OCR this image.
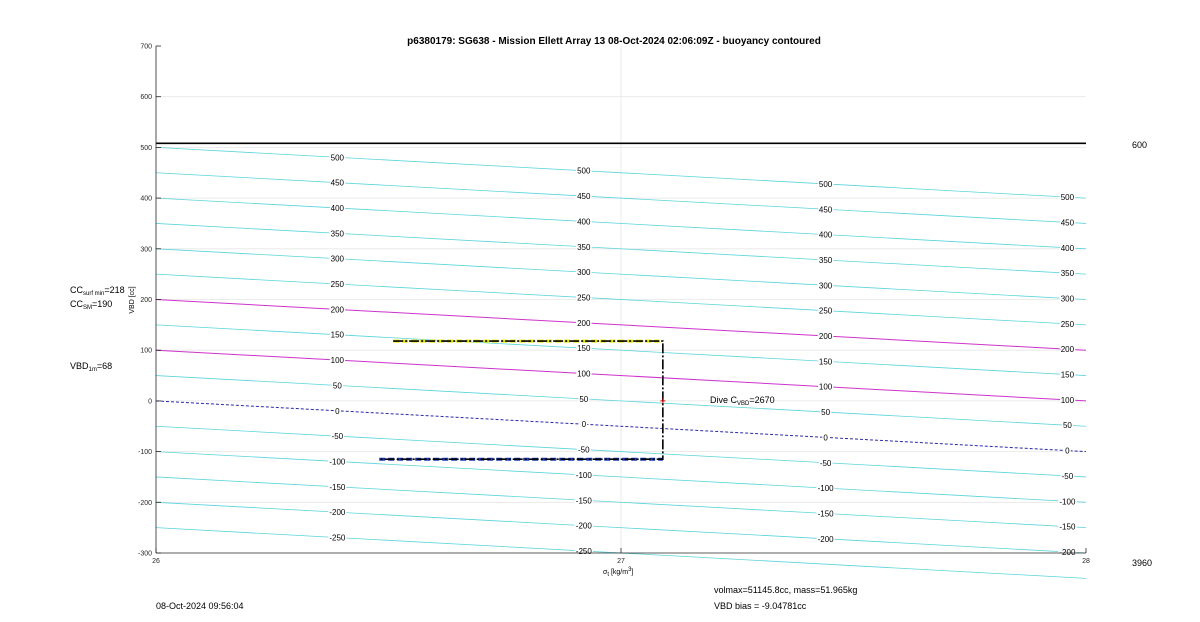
-250
-200
-150
-100
-50
0
50
100
150
200
250
300
350
400
450
500
-250
-200
-150
-100
-50
0
50
100
150
200
250
300
350
400
450
500
-200
-150
-100
-50
0
50
100
150
200
250
300
350
400
450
500
-200
-150
-100
-50
0
50
100
150
200
250
300
350
400
450
500
700
600
500
400
300
200
100
0
-100
-200
-300
26	27	28
p6380179: SG638 - Mission Ellett Array 13 08-Oct-2024 02:06:09Z - buoyancy contoured
VBD [cc]
σt [kg/m3]
600
3960
$CC_{surf min}=218$
$CC_{SM}=190$
$VBD_{1m}=68$
Dive $C_{VBD}=2670$
volmax=51145.8cc, mass=51.965kg
VBD bias = -9.04781cc
08-Oct-2024 09:56:04
